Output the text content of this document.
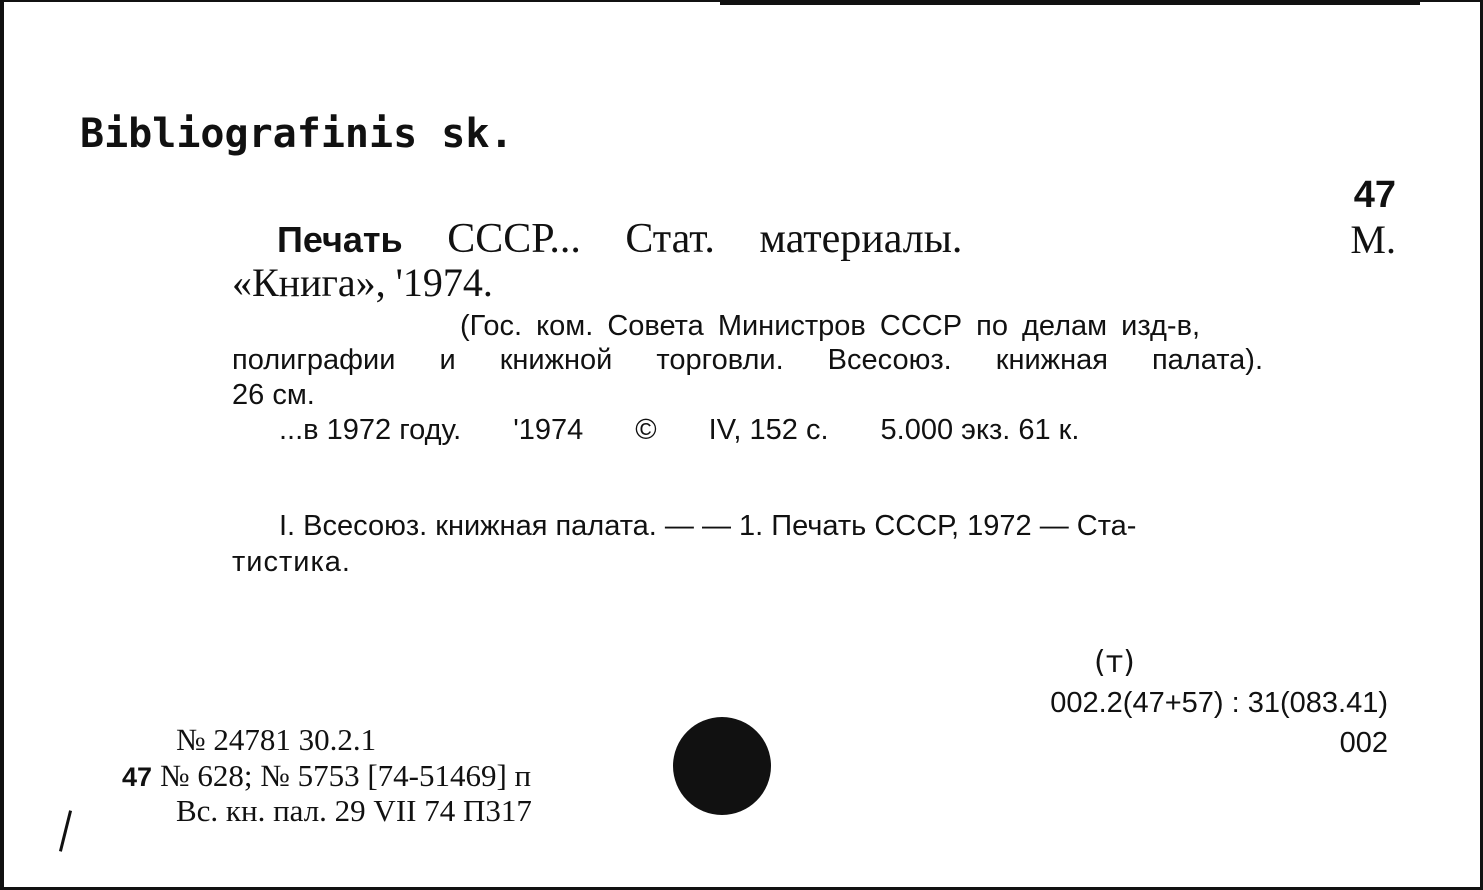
Bibliografinis sk.
47
М.
Печать СССР... Стат. материалы.
«Книга», '1974.
(Гос. ком. Совета Министров СССР по делам изд-в,
полиграфии и книжной торговли. Всесоюз. книжная палата).
26 см.
...в 1972 году. '1974 © IV, 152 с. 5.000 экз. 61 к.
I. Всесоюз. книжная палата. — — 1. Печать СССР, 1972 — Ста-
тистика.
(т)
002.2(47+57) : 31(083.41)
002
№ 24781 30.2.1
47 № 628; № 5753 [74-51469] п
Вс. кн. пал. 29 VII 74 П317
